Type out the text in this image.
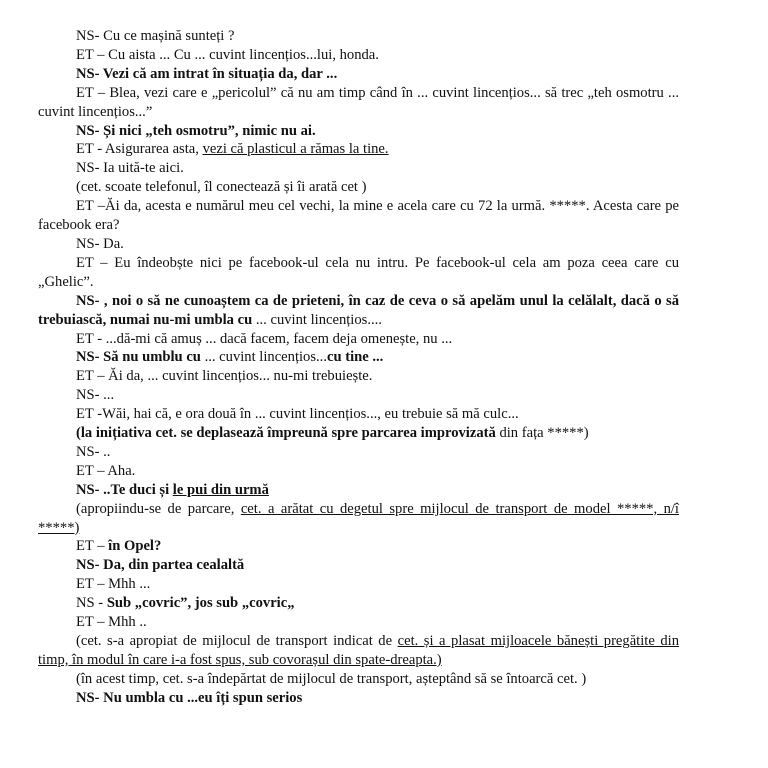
NS- Cu ce mașină sunteți ?

ET – Cu aista ... Cu ... cuvint lincențios...lui, honda.

NS- Vezi că am intrat în situația da, dar ...

ET – Blea, vezi care e „pericolul” că nu am timp când în ... cuvint lincențios... să trec „teh osmotru ... cuvint lincențios...”

NS- Și nici „teh osmotru”, nimic nu ai.

ET - Asigurarea asta, vezi că plasticul a rămas la tine.

NS- Ia uită-te aici.

(cet. scoate telefonul, îl conectează și îi arată cet )

ET –Ăi da, acesta e numărul meu cel vechi, la mine e acela care cu 72 la urmă. *****. Acesta care pe facebook era?

NS- Da.

ET – Eu îndeobște nici pe facebook-ul cela nu intru. Pe facebook-ul cela am poza ceea care cu „Ghelic”.

NS- , noi o să ne cunoaștem ca de prieteni, în caz de ceva o să apelăm unul la celălalt, dacă o să trebuiască, numai nu-mi umbla cu ... cuvint lincențios....

ET - ...dă-mi că amuș ... dacă facem, facem deja omenește, nu ...

NS- Să nu umblu cu ... cuvint lincențios...cu tine ...

ET – Ăi da, ... cuvint lincențios... nu-mi trebuiește.

NS- ...

ET -Wăi, hai că, e ora două în ... cuvint lincențios..., eu trebuie să mă culc...

(la inițiativa cet. se deplasează împreună spre parcarea improvizată din fața *****)

NS- ..

ET – Aha.

NS- ..Te duci și le pui din urmă

(apropiindu-se de parcare, cet. a arătat cu degetul spre mijlocul de transport de model *****, n/î *****)

ET – în Opel?

NS- Da, din partea cealaltă

ET – Mhh ...

NS - Sub „covric”, jos sub „covric„

ET – Mhh ..

(cet. s-a apropiat de mijlocul de transport indicat de cet. și a plasat mijloacele bănești pregătite din timp, în modul în care i-a fost spus, sub covorașul din spate-dreapta.)

(în acest timp, cet. s-a îndepărtat de mijlocul de transport, așteptând să se întoarcă cet. )

NS- Nu umbla cu ...eu îți spun serios
